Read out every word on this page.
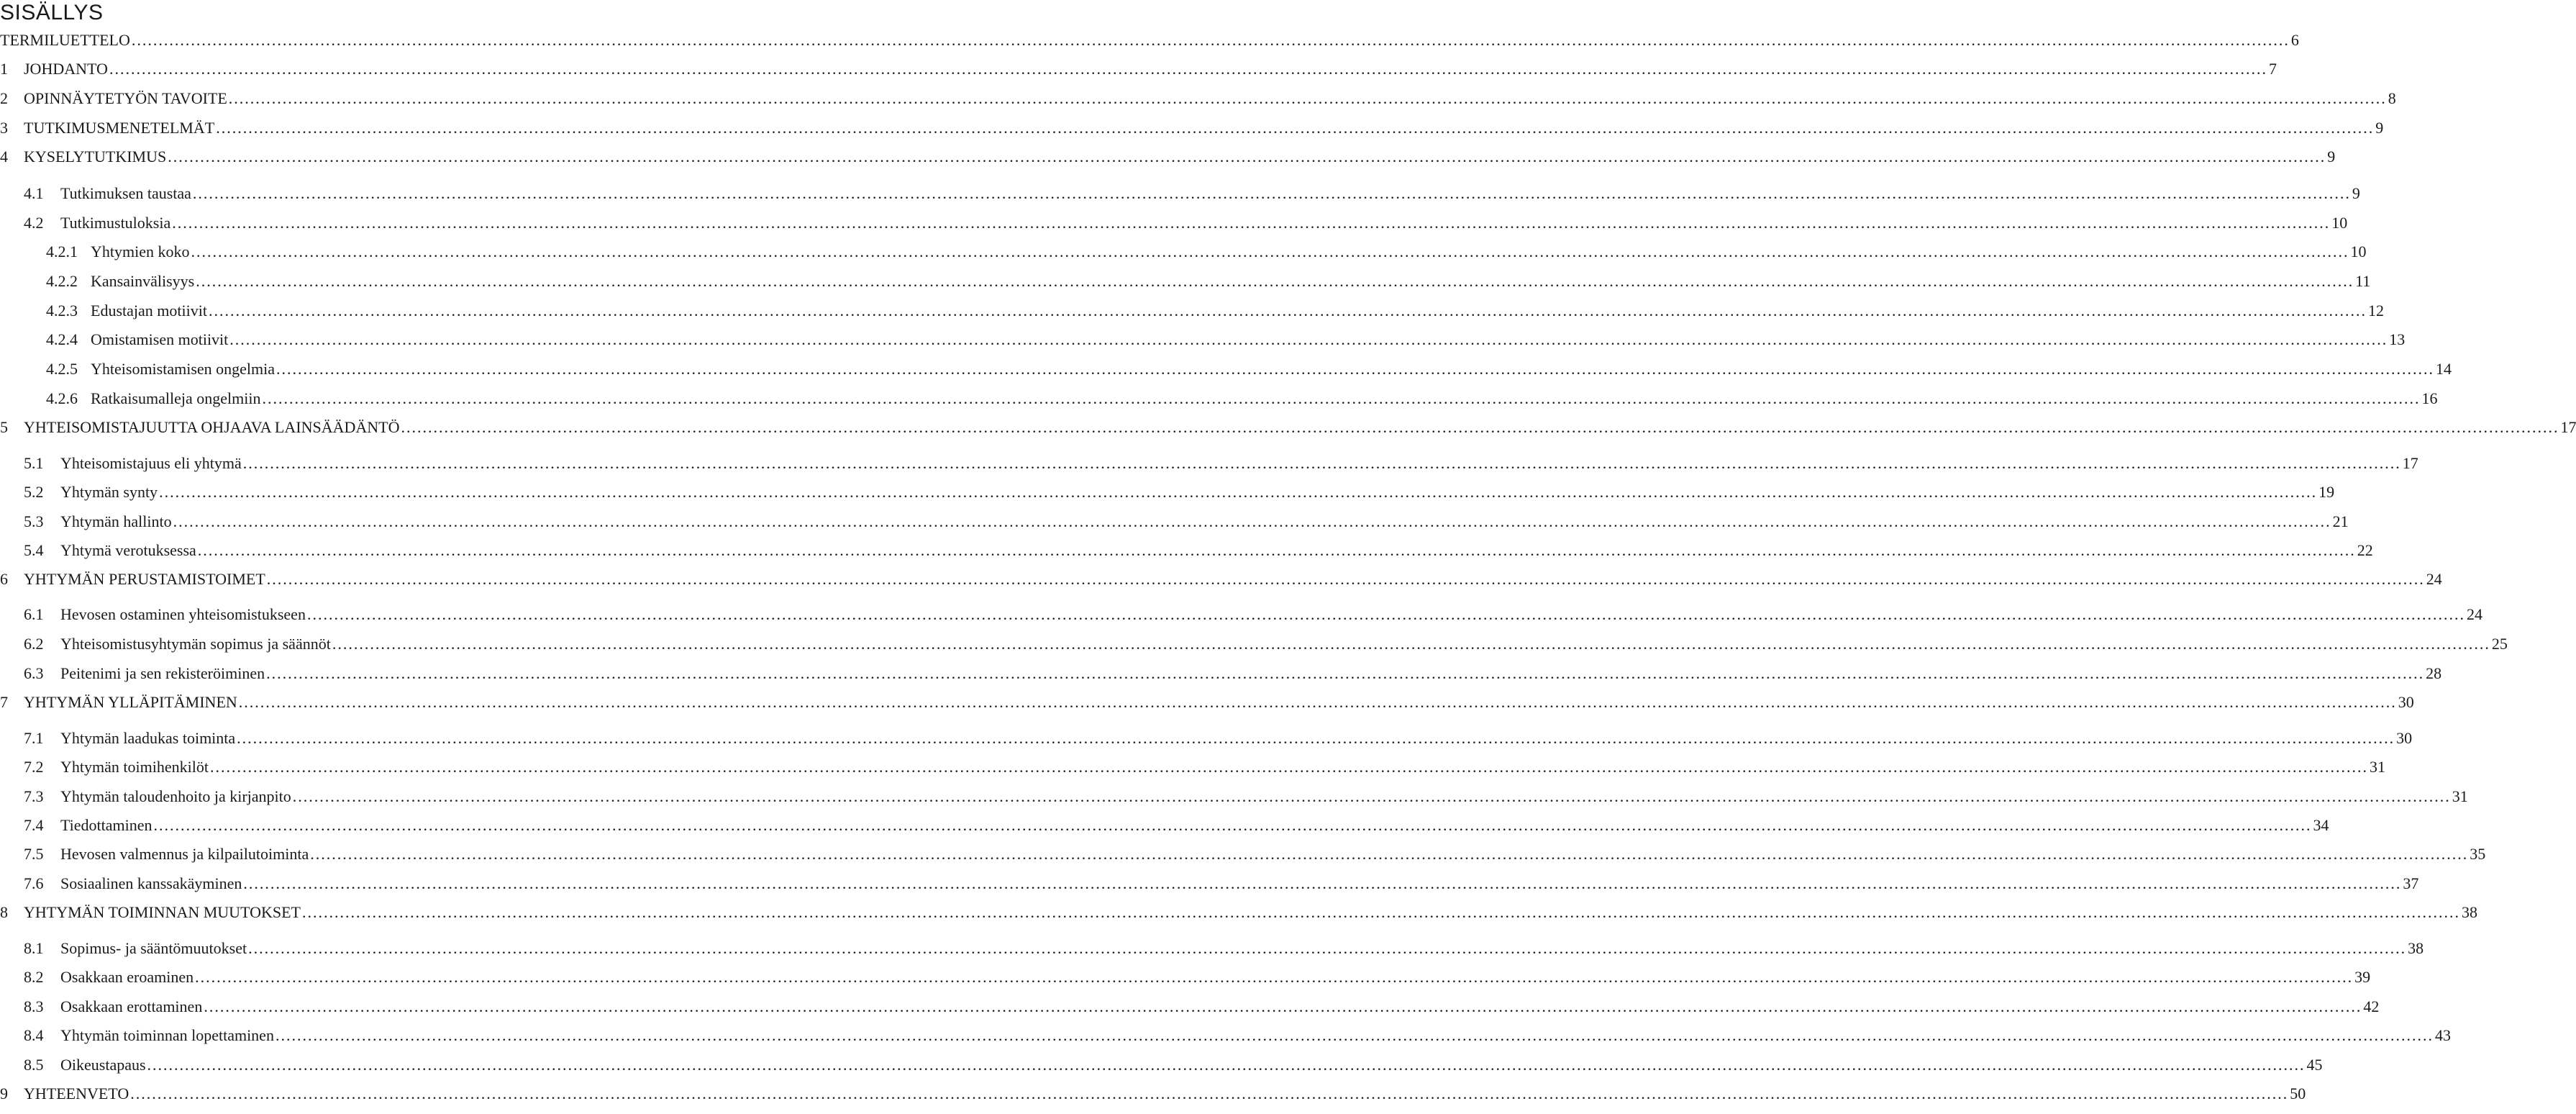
SISÄLLYS
TERMILUETTELO ................................................................................................................................................................................................................................................................................................................................................................................................................ 6
1	JOHDANTO ................................................................................................................................................................................................................................................................................................................................................................................................................ 7
2	OPINNÄYTETYÖN TAVOITE ................................................................................................................................................................................................................................................................................................................................................................................................................ 8
3	TUTKIMUSMENETELMÄT ................................................................................................................................................................................................................................................................................................................................................................................................................ 9
4	KYSELYTUTKIMUS ................................................................................................................................................................................................................................................................................................................................................................................................................ 9
4.1	Tutkimuksen taustaa ................................................................................................................................................................................................................................................................................................................................................................................................................ 9
4.2	Tutkimustuloksia ................................................................................................................................................................................................................................................................................................................................................................................................................ 10
4.2.1 Yhtymien koko ................................................................................................................................................................................................................................................................................................................................................................................................................ 10
4.2.2 Kansainvälisyys ................................................................................................................................................................................................................................................................................................................................................................................................................ 11
4.2.3 Edustajan motiivit ................................................................................................................................................................................................................................................................................................................................................................................................................ 12
4.2.4 Omistamisen motiivit ................................................................................................................................................................................................................................................................................................................................................................................................................ 13
4.2.5 Yhteisomistamisen ongelmia ................................................................................................................................................................................................................................................................................................................................................................................................................ 14
4.2.6 Ratkaisumalleja ongelmiin ................................................................................................................................................................................................................................................................................................................................................................................................................ 16
5	YHTEISOMISTAJUUTTA OHJAAVA LAINSÄÄDÄNTÖ ................................................................................................................................................................................................................................................................................................................................................................................................................ 17
5.1	Yhteisomistajuus eli yhtymä ................................................................................................................................................................................................................................................................................................................................................................................................................ 17
5.2	Yhtymän synty ................................................................................................................................................................................................................................................................................................................................................................................................................ 19
5.3	Yhtymän hallinto ................................................................................................................................................................................................................................................................................................................................................................................................................ 21
5.4	Yhtymä verotuksessa ................................................................................................................................................................................................................................................................................................................................................................................................................ 22
6	YHTYMÄN PERUSTAMISTOIMET ................................................................................................................................................................................................................................................................................................................................................................................................................ 24
6.1	Hevosen ostaminen yhteisomistukseen ................................................................................................................................................................................................................................................................................................................................................................................................................ 24
6.2	Yhteisomistusyhtymän sopimus ja säännöt ................................................................................................................................................................................................................................................................................................................................................................................................................ 25
6.3	Peitenimi ja sen rekisteröiminen ................................................................................................................................................................................................................................................................................................................................................................................................................ 28
7	YHTYMÄN YLLÄPITÄMINEN ................................................................................................................................................................................................................................................................................................................................................................................................................ 30
7.1	Yhtymän laadukas toiminta ................................................................................................................................................................................................................................................................................................................................................................................................................ 30
7.2	Yhtymän toimihenkilöt ................................................................................................................................................................................................................................................................................................................................................................................................................ 31
7.3	Yhtymän taloudenhoito ja kirjanpito ................................................................................................................................................................................................................................................................................................................................................................................................................ 31
7.4	Tiedottaminen ................................................................................................................................................................................................................................................................................................................................................................................................................ 34
7.5	Hevosen valmennus ja kilpailutoiminta ................................................................................................................................................................................................................................................................................................................................................................................................................ 35
7.6	Sosiaalinen kanssakäyminen ................................................................................................................................................................................................................................................................................................................................................................................................................ 37
8	YHTYMÄN TOIMINNAN MUUTOKSET ................................................................................................................................................................................................................................................................................................................................................................................................................ 38
8.1	Sopimus- ja sääntömuutokset ................................................................................................................................................................................................................................................................................................................................................................................................................ 38
8.2	Osakkaan eroaminen ................................................................................................................................................................................................................................................................................................................................................................................................................ 39
8.3	Osakkaan erottaminen ................................................................................................................................................................................................................................................................................................................................................................................................................ 42
8.4	Yhtymän toiminnan lopettaminen ................................................................................................................................................................................................................................................................................................................................................................................................................ 43
8.5	Oikeustapaus ................................................................................................................................................................................................................................................................................................................................................................................................................ 45
9	YHTEENVETO ................................................................................................................................................................................................................................................................................................................................................................................................................ 50
